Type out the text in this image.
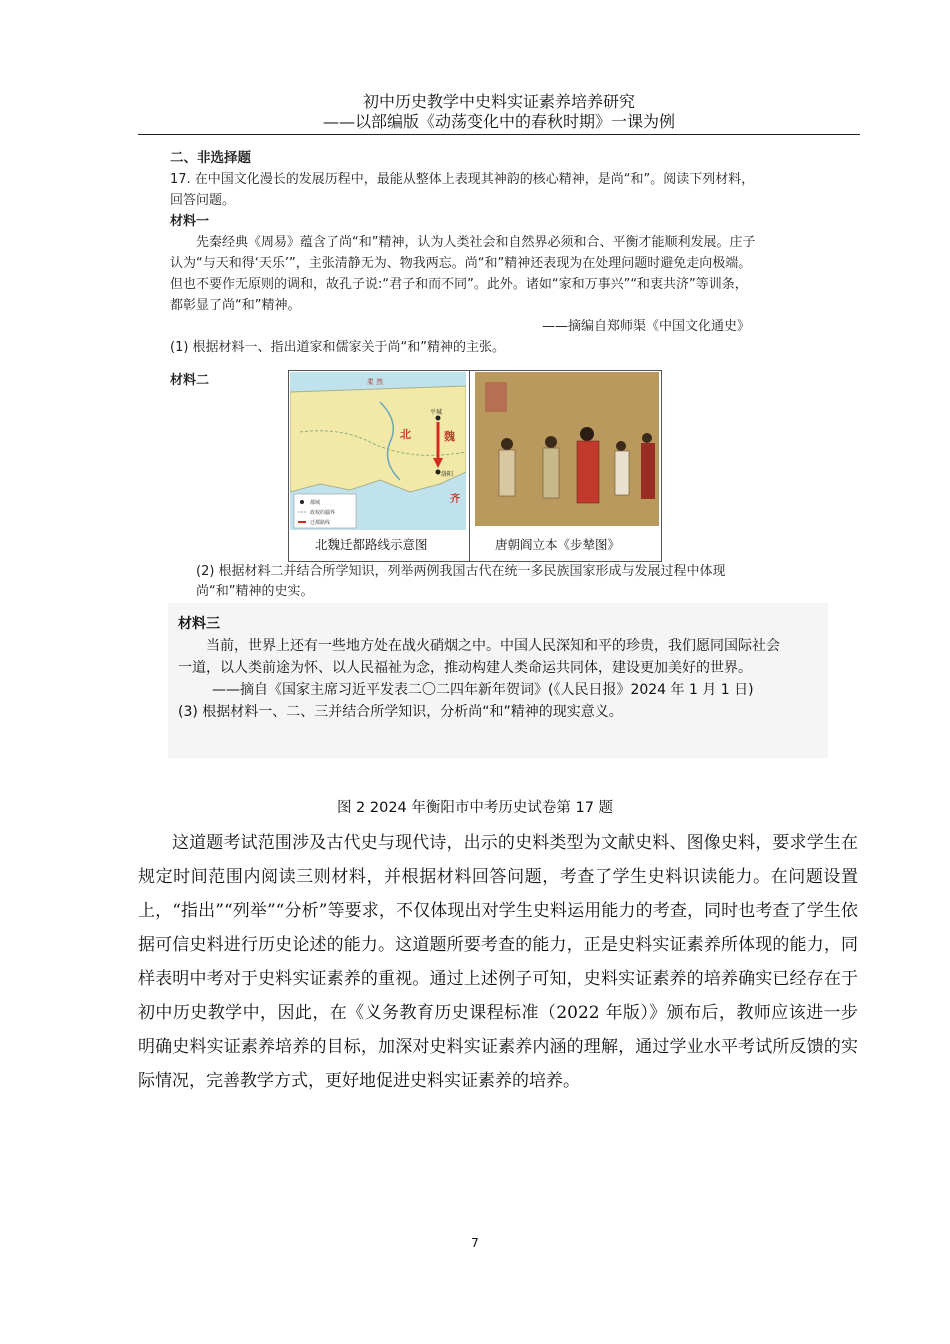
初中历史教学中史料实证素养培养研究
——以部编版《动荡变化中的春秋时期》一课为例
二、非选择题
17. 在中国文化漫长的发展历程中，最能从整体上表现其神韵的核心精神，是尚“和”。阅读下列材料，回答问题。
材料一
先秦经典《周易》蕴含了尚“和”精神，认为人类社会和自然界必须和合、平衡才能顺利发展。庄子认为“与天和得‘天乐’”，主张清静无为、物我两忘。尚“和”精神还表现为在处理问题时避免走向极端。但也不要作无原则的调和，故孔子说:“君子和而不同”。此外。诸如“家和万事兴”“和衷共济”等训条，都彰显了尚“和”精神。
——摘编自郑师渠《中国文化通史》
(1) 根据材料一、指出道家和儒家关于尚“和”精神的主张。
材料二	柔 然
北	魏
平城
洛阳
齐
都城
政权的疆界
迁都路线
北魏迁都路线示意图	唐朝阎立本《步辇图》
(2) 根据材料二并结合所学知识，列举两例我国古代在统一多民族国家形成与发展过程中体现尚“和”精神的史实。
材料三
当前，世界上还有一些地方处在战火硝烟之中。中国人民深知和平的珍贵，我们愿同国际社会一道，以人类前途为怀、以人民福祉为念，推动构建人类命运共同体，建设更加美好的世界。
——摘自《国家主席习近平发表二〇二四年新年贺词》(《人民日报》2024 年 1 月 1 日)
(3) 根据材料一、二、三并结合所学知识，分析尚“和”精神的现实意义。
图 2 2024 年衡阳市中考历史试卷第 17 题

这道题考试范围涉及古代史与现代诗，出示的史料类型为文献史料、图像史料，要求学生在规定时间范围内阅读三则材料，并根据材料回答问题，考查了学生史料识读能力。在问题设置上，“指出”“列举”“分析”等要求，不仅体现出对学生史料运用能力的考查，同时也考查了学生依据可信史料进行历史论述的能力。这道题所要考查的能力，正是史料实证素养所体现的能力，同样表明中考对于史料实证素养的重视。通过上述例子可知，史料实证素养的培养确实已经存在于初中历史教学中，因此，在《义务教育历史课程标准（2022 年版）》颁布后，教师应该进一步明确史料实证素养培养的目标，加深对史料实证素养内涵的理解，通过学业水平考试所反馈的实际情况，完善教学方式，更好地促进史料实证素养的培养。

7
